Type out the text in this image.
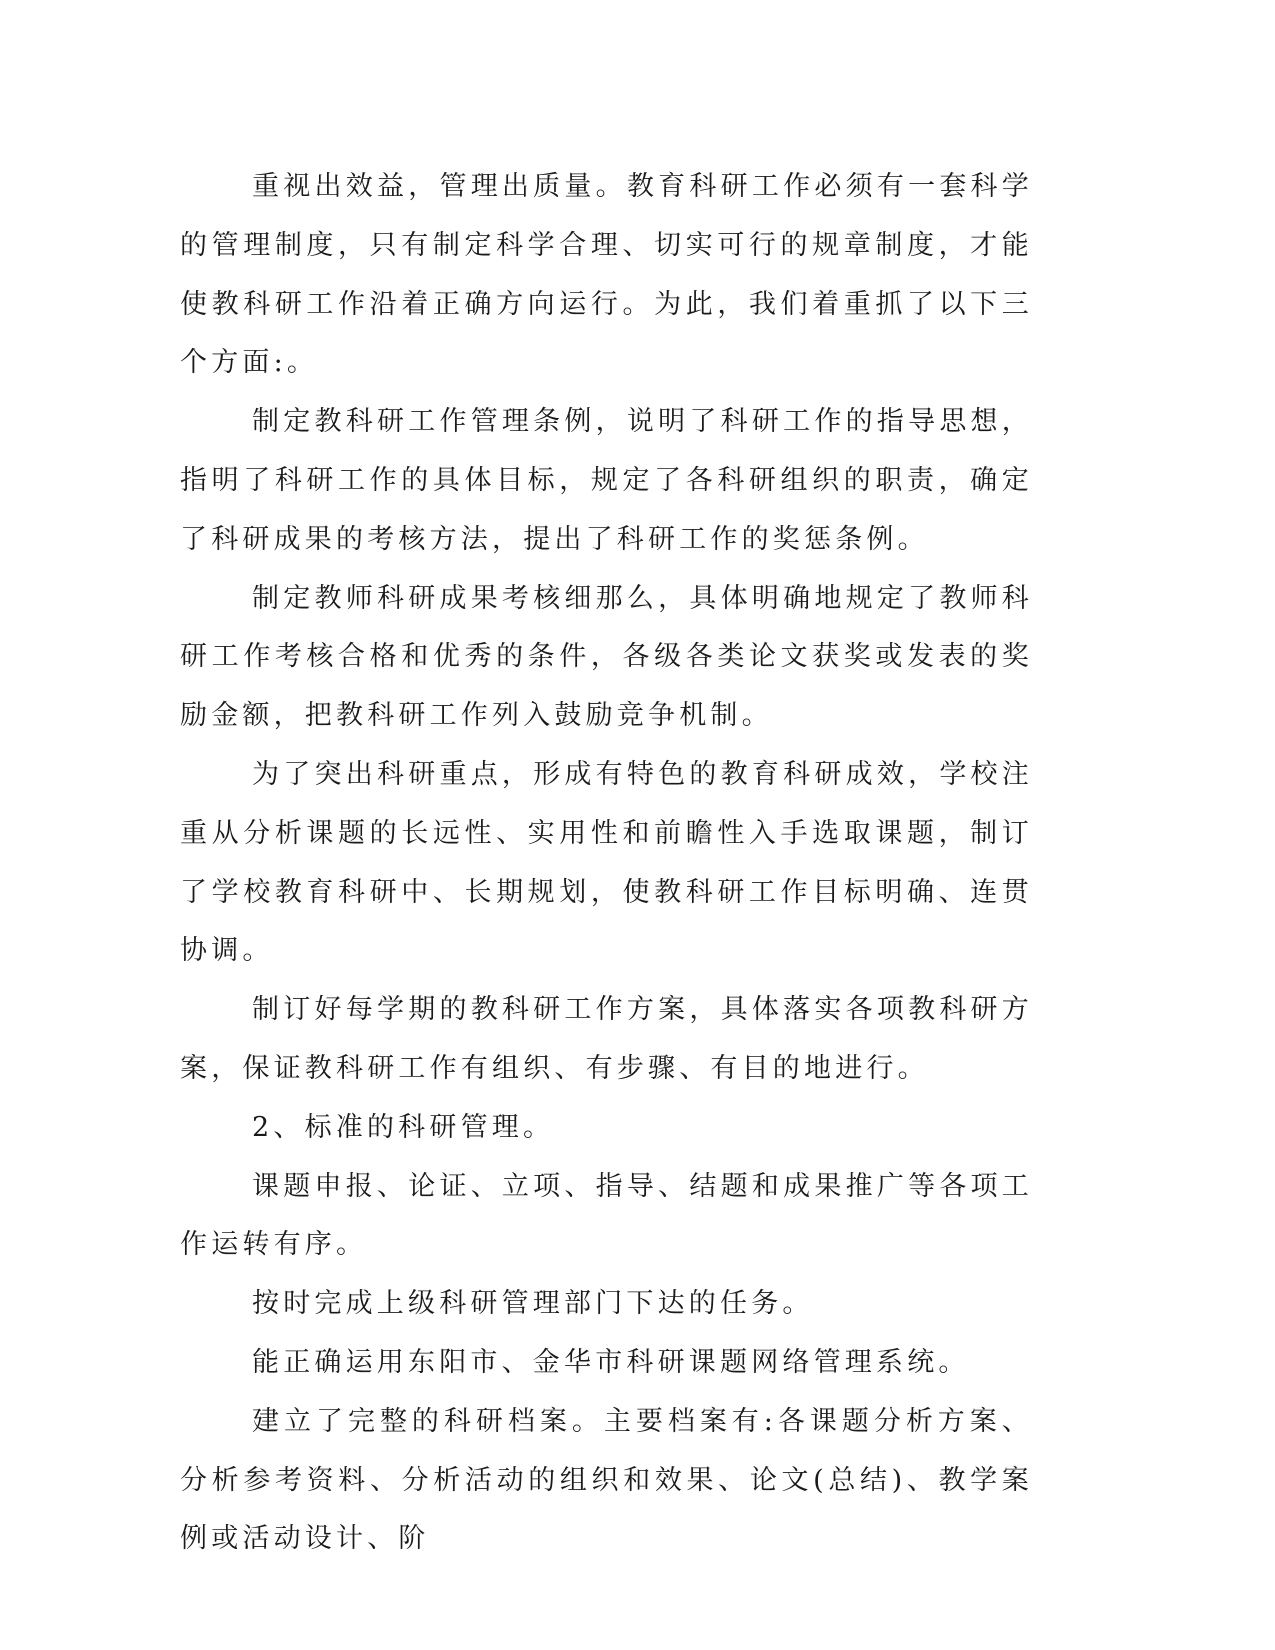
重视出效益，管理出质量。教育科研工作必须有一套科学的管理制度，只有制定科学合理、切实可行的规章制度，才能使教科研工作沿着正确方向运行。为此，我们着重抓了以下三个方面:。

制定教科研工作管理条例，说明了科研工作的指导思想，指明了科研工作的具体目标，规定了各科研组织的职责，确定了科研成果的考核方法，提出了科研工作的奖惩条例。

制定教师科研成果考核细那么，具体明确地规定了教师科研工作考核合格和优秀的条件，各级各类论文获奖或发表的奖励金额，把教科研工作列入鼓励竞争机制。

为了突出科研重点，形成有特色的教育科研成效，学校注重从分析课题的长远性、实用性和前瞻性入手选取课题，制订了学校教育科研中、长期规划，使教科研工作目标明确、连贯协调。

制订好每学期的教科研工作方案，具体落实各项教科研方案，保证教科研工作有组织、有步骤、有目的地进行。

2、标准的科研管理。

课题申报、论证、立项、指导、结题和成果推广等各项工作运转有序。

按时完成上级科研管理部门下达的任务。

能正确运用东阳市、金华市科研课题网络管理系统。

建立了完整的科研档案。主要档案有:各课题分析方案、分析参考资料、分析活动的组织和效果、论文(总结)、教学案例或活动设计、阶
